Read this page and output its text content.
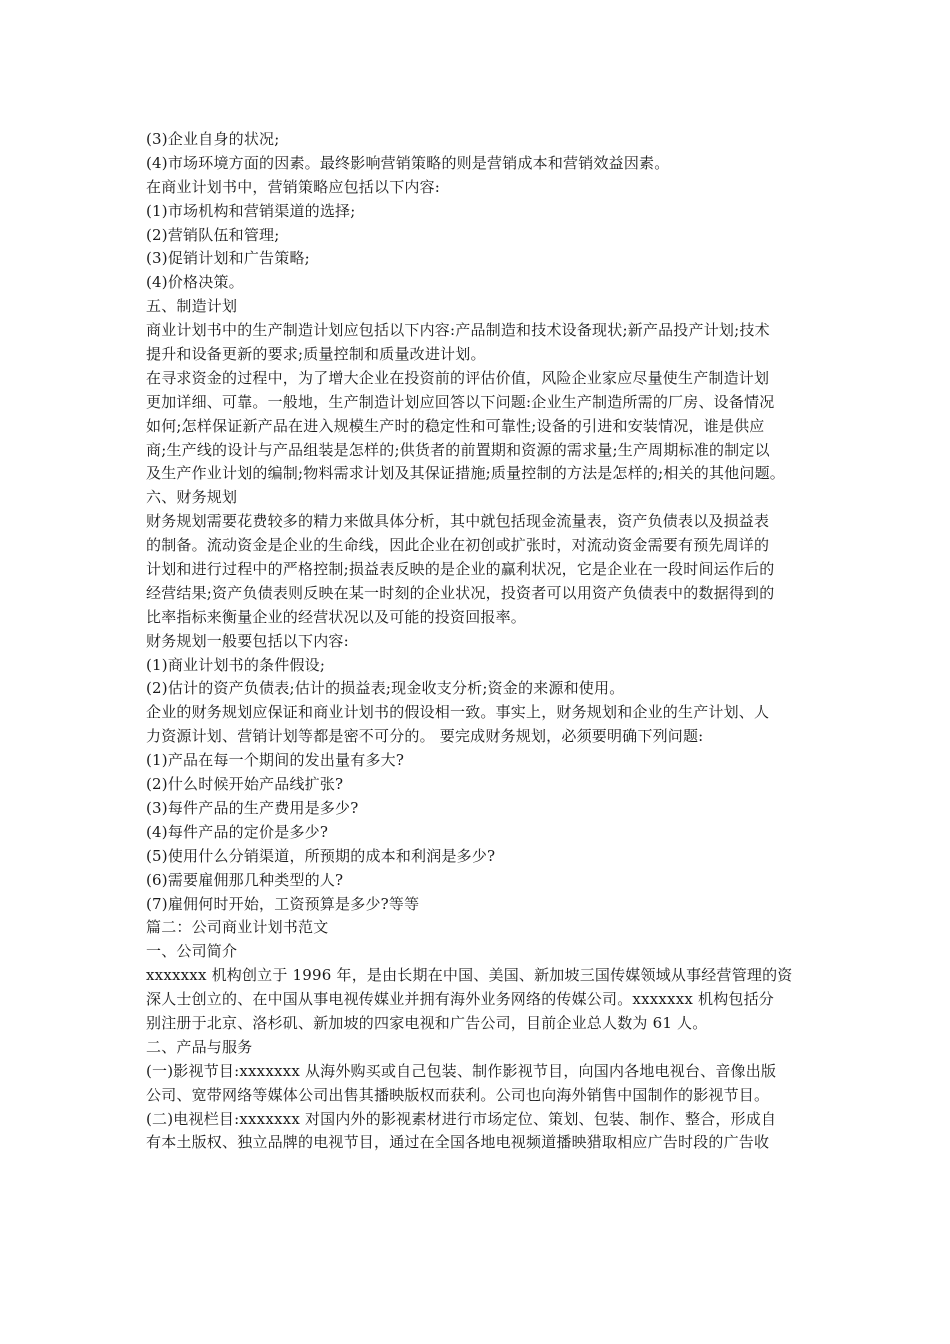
(3)企业自身的状况;
(4)市场环境方面的因素。最终影响营销策略的则是营销成本和营销效益因素。
在商业计划书中，营销策略应包括以下内容:
(1)市场机构和营销渠道的选择;
(2)营销队伍和管理;
(3)促销计划和广告策略;
(4)价格决策。
五、制造计划
商业计划书中的生产制造计划应包括以下内容:产品制造和技术设备现状;新产品投产计划;技术
提升和设备更新的要求;质量控制和质量改进计划。
在寻求资金的过程中，为了增大企业在投资前的评估价值，风险企业家应尽量使生产制造计划
更加详细、可靠。一般地，生产制造计划应回答以下问题:企业生产制造所需的厂房、设备情况
如何;怎样保证新产品在进入规模生产时的稳定性和可靠性;设备的引进和安装情况，谁是供应
商;生产线的设计与产品组装是怎样的;供货者的前置期和资源的需求量;生产周期标准的制定以
及生产作业计划的编制;物料需求计划及其保证措施;质量控制的方法是怎样的;相关的其他问题。
六、财务规划
财务规划需要花费较多的精力来做具体分析，其中就包括现金流量表，资产负债表以及损益表
的制备。流动资金是企业的生命线，因此企业在初创或扩张时，对流动资金需要有预先周详的
计划和进行过程中的严格控制;损益表反映的是企业的赢利状况，它是企业在一段时间运作后的
经营结果;资产负债表则反映在某一时刻的企业状况，投资者可以用资产负债表中的数据得到的
比率指标来衡量企业的经营状况以及可能的投资回报率。
财务规划一般要包括以下内容:
(1)商业计划书的条件假设;
(2)估计的资产负债表;估计的损益表;现金收支分析;资金的来源和使用。
企业的财务规划应保证和商业计划书的假设相一致。事实上，财务规划和企业的生产计划、人
力资源计划、营销计划等都是密不可分的。 要完成财务规划，必须要明确下列问题:
(1)产品在每一个期间的发出量有多大?
(2)什么时候开始产品线扩张?
(3)每件产品的生产费用是多少?
(4)每件产品的定价是多少?
(5)使用什么分销渠道，所预期的成本和利润是多少?
(6)需要雇佣那几种类型的人?
(7)雇佣何时开始，工资预算是多少?等等
篇二：公司商业计划书范文
一、公司简介
xxxxxxx 机构创立于 1996 年，是由长期在中国、美国、新加坡三国传媒领域从事经营管理的资
深人士创立的、在中国从事电视传媒业并拥有海外业务网络的传媒公司。xxxxxxx 机构包括分
别注册于北京、洛杉矶、新加坡的四家电视和广告公司，目前企业总人数为 61 人。
二、产品与服务
(一)影视节目:xxxxxxx 从海外购买或自己包装、制作影视节目，向国内各地电视台、音像出版
公司、宽带网络等媒体公司出售其播映版权而获利。公司也向海外销售中国制作的影视节目。
(二)电视栏目:xxxxxxx 对国内外的影视素材进行市场定位、策划、包装、制作、整合，形成自
有本土版权、独立品牌的电视节目，通过在全国各地电视频道播映猎取相应广告时段的广告收
